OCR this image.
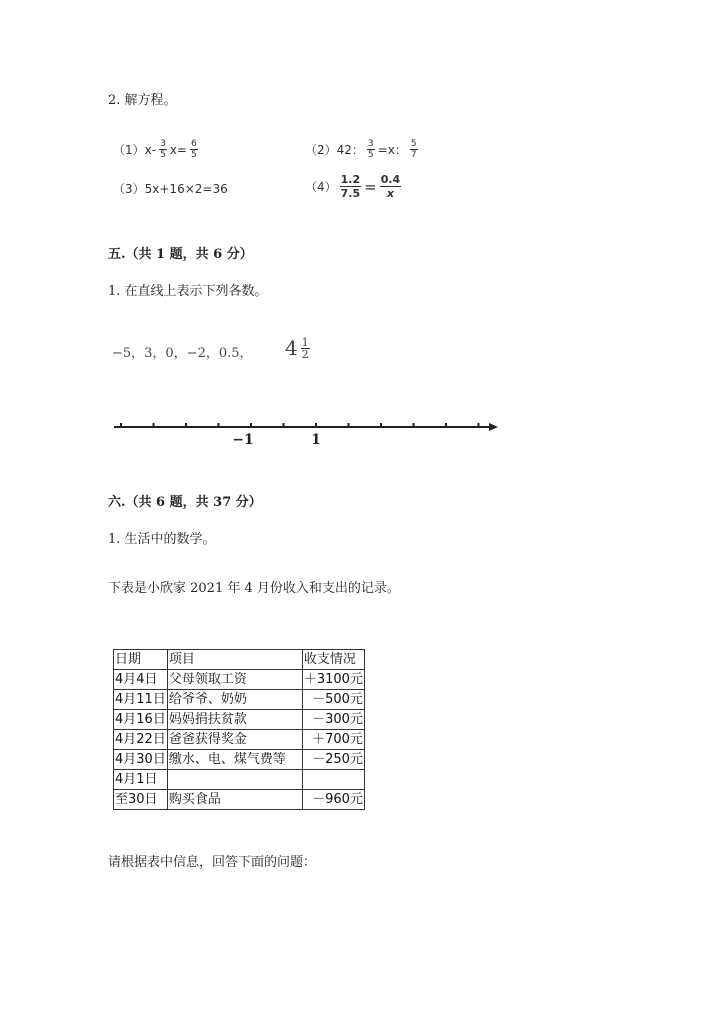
2. 解方程。
（1） $x- \frac{3}{5} x= \frac{6}{5}$	（2） 42： $\frac{3}{5} =x$： $\frac{5}{7}$
（3） 5x+16×2=36	$(4) \frac{1.2}{7.5} = \frac{0.4}{x}$
五.（共 1 题，共 6 分）
1. 在直线上表示下列各数。
−5，3，0，−2，0.5， $4 \frac{1}{2}$
−1	1
六.（共 6 题，共 37 分）
1. 生活中的数学。
下表是小欣家 2021 年 4 月份收入和支出的记录。
日期	项目	收支情况
4月4日	父母领取工资	＋3100元
4月11日	给爷爷、奶奶	－500元
4月16日	妈妈捐扶贫款	－300元
4月22日	爸爸获得奖金	＋700元
4月30日	缴水、电、煤气费等	－250元
4月1日		
至30日	购买食品	－960元
请根据表中信息，回答下面的问题：
